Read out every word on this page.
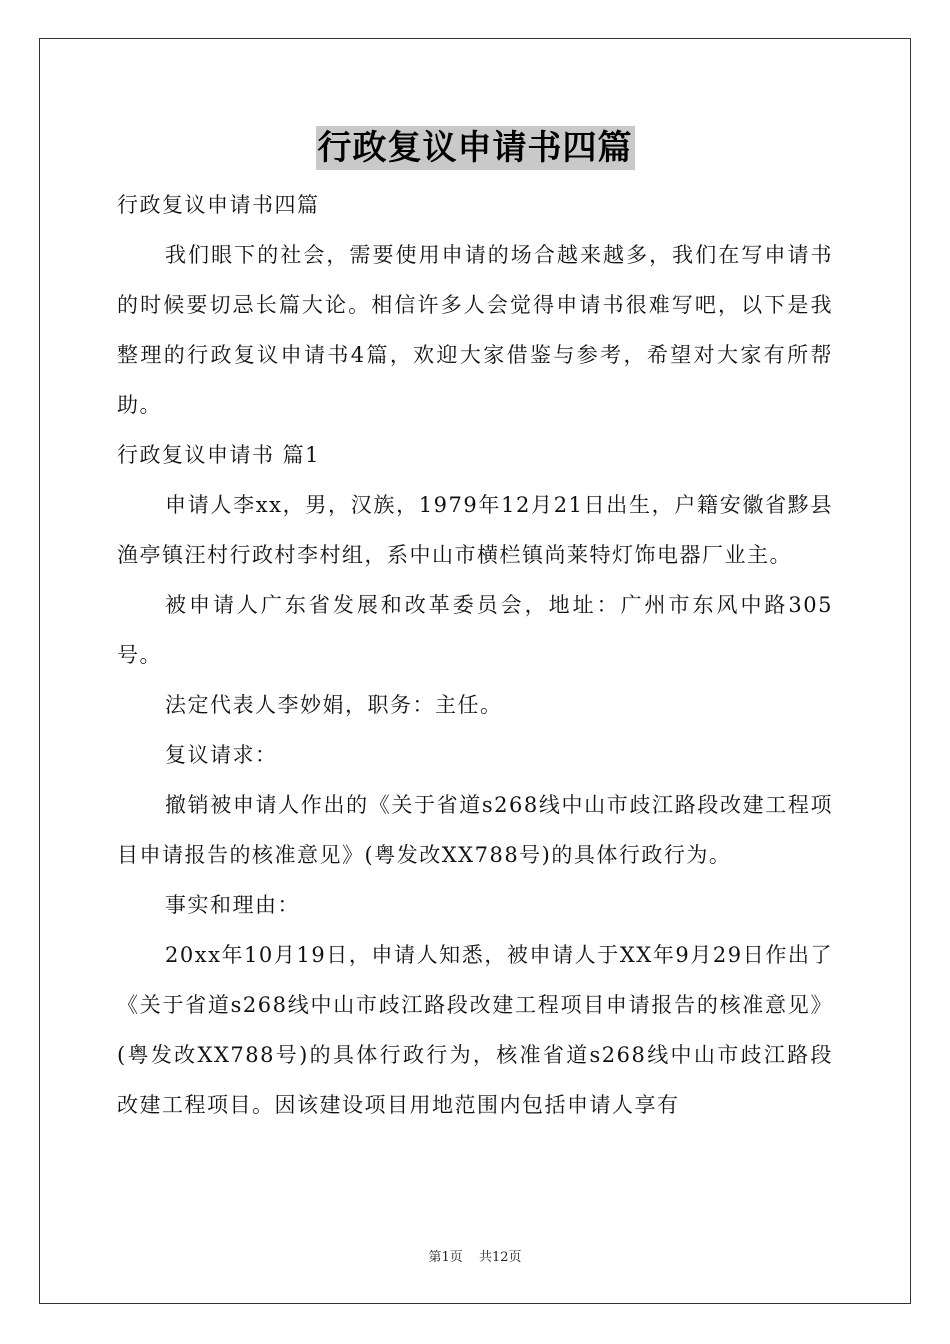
行政复议申请书四篇

行政复议申请书四篇

我们眼下的社会，需要使用申请的场合越来越多，我们在写申请书的时候要切忌长篇大论。相信许多人会觉得申请书很难写吧，以下是我整理的行政复议申请书4篇，欢迎大家借鉴与参考，希望对大家有所帮助。

行政复议申请书 篇1

申请人李xx，男，汉族，1979年12月21日出生，户籍安徽省黟县渔亭镇汪村行政村李村组，系中山市横栏镇尚莱特灯饰电器厂业主。

被申请人广东省发展和改革委员会，地址：广州市东风中路305号。

法定代表人李妙娟，职务：主任。

复议请求：

撤销被申请人作出的《关于省道s268线中山市歧江路段改建工程项目申请报告的核准意见》(粤发改XX788号)的具体行政行为。

事实和理由：

20xx年10月19日，申请人知悉，被申请人于XX年9月29日作出了《关于省道s268线中山市歧江路段改建工程项目申请报告的核准意见》(粤发改XX788号)的具体行政行为，核准省道s268线中山市歧江路段改建工程项目。因该建设项目用地范围内包括申请人享有

第1页 共12页
